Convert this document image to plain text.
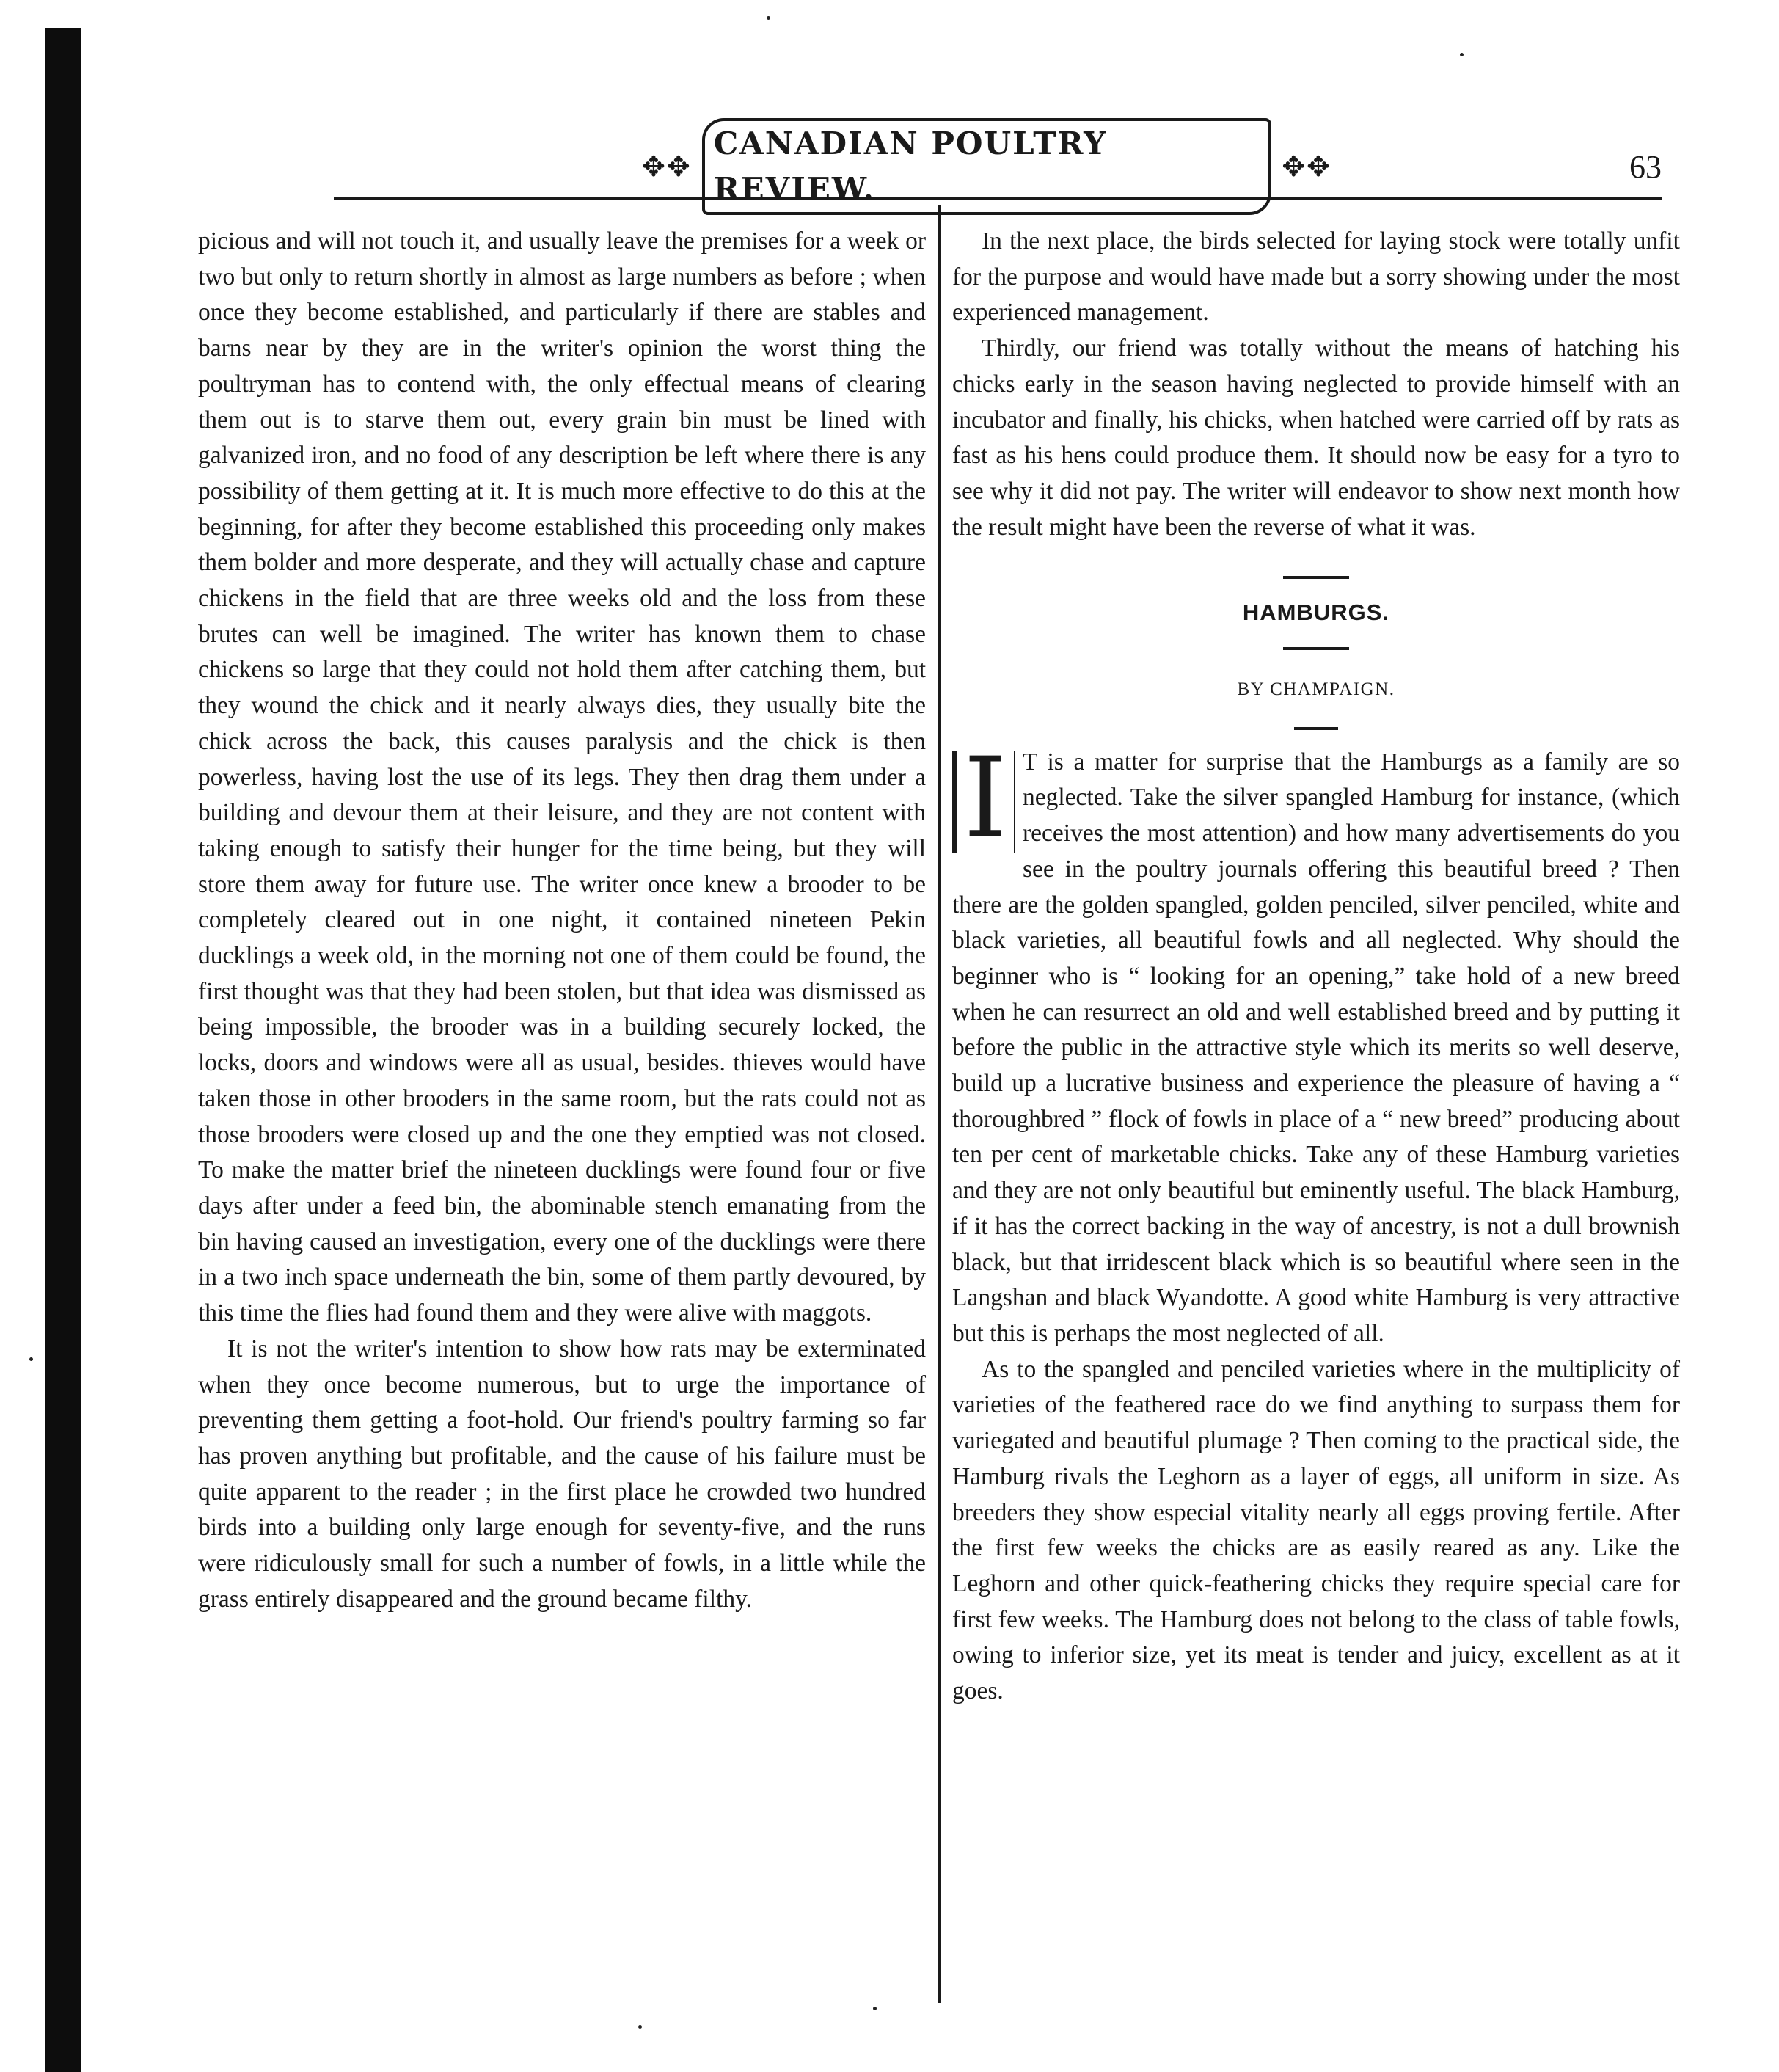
✥✥
CANADIAN POULTRY REVIEW.
✥✥	63

picious and will not touch it, and usually leave the premises for a week or two but only to return shortly in almost as large numbers as before ; when once they become established, and particularly if there are stables and barns near by they are in the writer's opinion the worst thing the poultryman has to contend with, the only effectual means of clearing them out is to starve them out, every grain bin must be lined with galvanized iron, and no food of any description be left where there is any possibility of them getting at it. It is much more effective to do this at the beginning, for after they become established this proceeding only makes them bolder and more desperate, and they will actually chase and capture chickens in the field that are three weeks old and the loss from these brutes can well be imagined. The writer has known them to chase chickens so large that they could not hold them after catching them, but they wound the chick and it nearly always dies, they usually bite the chick across the back, this causes paralysis and the chick is then powerless, having lost the use of its legs. They then drag them under a building and devour them at their leisure, and they are not content with taking enough to satisfy their hunger for the time being, but they will store them away for future use. The writer once knew a brooder to be completely cleared out in one night, it contained nineteen Pekin ducklings a week old, in the morning not one of them could be found, the first thought was that they had been stolen, but that idea was dismissed as being impossible, the brooder was in a building securely locked, the locks, doors and windows were all as usual, besides. thieves would have taken those in other brooders in the same room, but the rats could not as those brooders were closed up and the one they emptied was not closed. To make the matter brief the nineteen ducklings were found four or five days after under a feed bin, the abominable stench emanating from the bin having caused an investigation, every one of the ducklings were there in a two inch space underneath the bin, some of them partly devoured, by this time the flies had found them and they were alive with maggots.

It is not the writer's intention to show how rats may be exterminated when they once become numerous, but to urge the importance of preventing them getting a foot-hold. Our friend's poultry farming so far has proven anything but profitable, and the cause of his failure must be quite apparent to the reader ; in the first place he crowded two hundred birds into a building only large enough for seventy-five, and the runs were ridiculously small for such a number of fowls, in a little while the grass entirely disappeared and the ground became filthy.

In the next place, the birds selected for laying stock were totally unfit for the purpose and would have made but a sorry showing under the most experienced management.

Thirdly, our friend was totally without the means of hatching his chicks early in the season having neglected to provide himself with an incubator and finally, his chicks, when hatched were carried off by rats as fast as his hens could produce them. It should now be easy for a tyro to see why it did not pay. The writer will endeavor to show next month how the result might have been the reverse of what it was.

HAMBURGS.
BY CHAMPAIGN.

I T is a matter for surprise that the Hamburgs as a family are so neglected. Take the silver spangled Hamburg for instance, (which receives the most attention) and how many advertisements do you see in the poultry journals offering this beautiful breed ? Then there are the golden spangled, golden penciled, silver penciled, white and black varieties, all beautiful fowls and all neglected. Why should the beginner who is “ looking for an opening,” take hold of a new breed when he can resurrect an old and well established breed and by putting it before the public in the attractive style which its merits so well deserve, build up a lucrative business and experience the pleasure of having a “ thoroughbred ” flock of fowls in place of a “ new breed” producing about ten per cent of marketable chicks. Take any of these Hamburg varieties and they are not only beautiful but eminently useful. The black Hamburg, if it has the correct backing in the way of ancestry, is not a dull brownish black, but that irridescent black which is so beautiful where seen in the Langshan and black Wyandotte. A good white Hamburg is very attractive but this is perhaps the most neglected of all.

As to the spangled and penciled varieties where in the multiplicity of varieties of the feathered race do we find anything to surpass them for variegated and beautiful plumage ? Then coming to the practical side, the Hamburg rivals the Leghorn as a layer of eggs, all uniform in size. As breeders they show especial vitality nearly all eggs proving fertile. After the first few weeks the chicks are as easily reared as any. Like the Leghorn and other quick-feathering chicks they require special care for first few weeks. The Hamburg does not belong to the class of table fowls, owing to inferior size, yet its meat is tender and juicy, excellent as at it goes.
